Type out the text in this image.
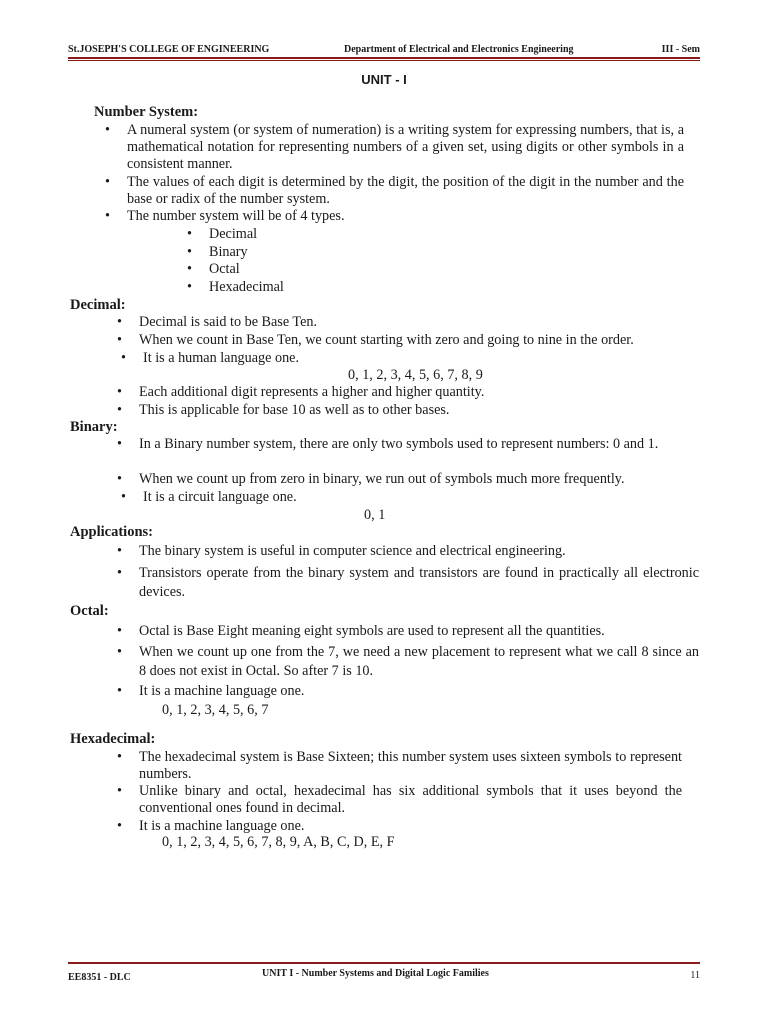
St.JOSEPH'S COLLEGE OF ENGINEERING	Department of Electrical and Electronics Engineering	III - Sem
UNIT - I
Number System:
• A numeral system (or system of numeration) is a writing system for expressing numbers, that is, a mathematical notation for representing numbers of a given set, using digits or other symbols in a consistent manner.
• The values of each digit is determined by the digit, the position of the digit in the number and the base or radix of the number system.
• The number system will be of 4 types.
• Decimal
• Binary
• Octal
• Hexadecimal
Decimal:
• Decimal is said to be Base Ten.
• When we count in Base Ten, we count starting with zero and going to nine in the order.
• It is a human language one.
0, 1, 2, 3, 4, 5, 6, 7, 8, 9
• Each additional digit represents a higher and higher quantity.
• This is applicable for base 10 as well as to other bases.
Binary:
• In a Binary number system, there are only two symbols used to represent numbers: 0 and 1.
• When we count up from zero in binary, we run out of symbols much more frequently.
• It is a circuit language one.
0, 1
Applications:
• The binary system is useful in computer science and electrical engineering.
• Transistors operate from the binary system and transistors are found in practically all electronic devices.
Octal:
• Octal is Base Eight meaning eight symbols are used to represent all the quantities.
• When we count up one from the 7, we need a new placement to represent what we call 8 since an 8 does not exist in Octal. So after 7 is 10.
• It is a machine language one.
0, 1, 2, 3, 4, 5, 6, 7
Hexadecimal:
• The hexadecimal system is Base Sixteen; this number system uses sixteen symbols to represent numbers.
• Unlike binary and octal, hexadecimal has six additional symbols that it uses beyond the conventional ones found in decimal.
• It is a machine language one.
0, 1, 2, 3, 4, 5, 6, 7, 8, 9, A, B, C, D, E, F
EE8351 - DLC	UNIT I - Number Systems and Digital Logic Families	11
